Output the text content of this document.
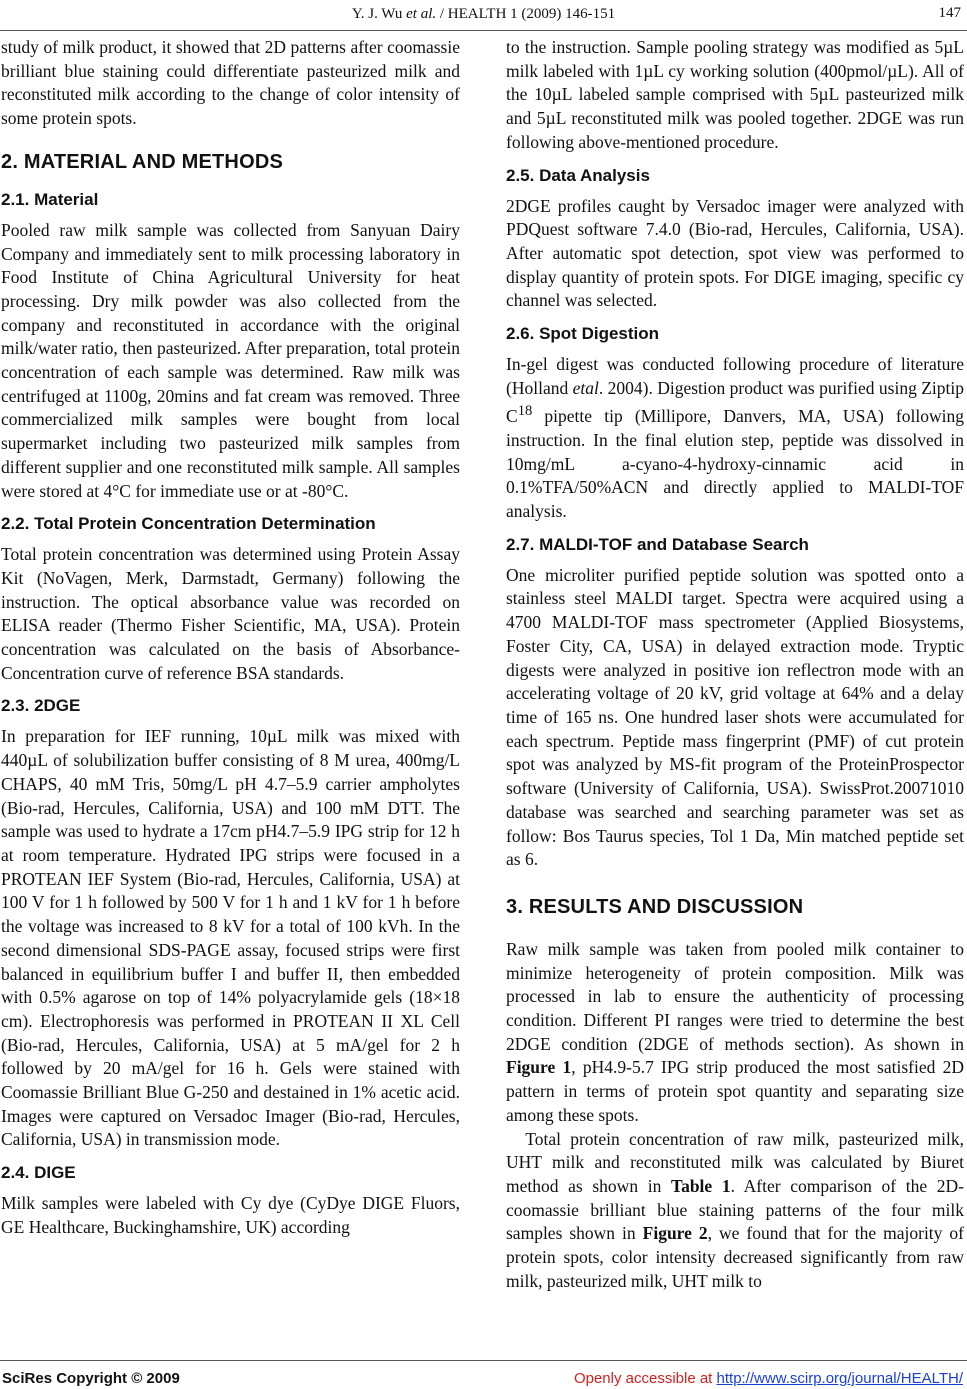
Y. J. Wu et al. / HEALTH 1 (2009) 146-151	147

study of milk product, it showed that 2D patterns after coomassie brilliant blue staining could differentiate pasteurized milk and reconstituted milk according to the change of color intensity of some protein spots.

2. MATERIAL AND METHODS
2.1. Material

Pooled raw milk sample was collected from Sanyuan Dairy Company and immediately sent to milk processing laboratory in Food Institute of China Agricultural University for heat processing. Dry milk powder was also collected from the company and reconstituted in accordance with the original milk/water ratio, then pasteurized. After preparation, total protein concentration of each sample was determined. Raw milk was centrifuged at 1100g, 20mins and fat cream was removed. Three commercialized milk samples were bought from local supermarket including two pasteurized milk samples from different supplier and one reconstituted milk sample. All samples were stored at 4°C for immediate use or at -80°C.

2.2. Total Protein Concentration Determination

Total protein concentration was determined using Protein Assay Kit (NoVagen, Merk, Darmstadt, Germany) following the instruction. The optical absorbance value was recorded on ELISA reader (Thermo Fisher Scientific, MA, USA). Protein concentration was calculated on the basis of Absorbance-Concentration curve of reference BSA standards.

2.3. 2DGE

In preparation for IEF running, 10µL milk was mixed with 440µL of solubilization buffer consisting of 8 M urea, 400mg/L CHAPS, 40 mM Tris, 50mg/L pH 4.7–5.9 carrier ampholytes (Bio-rad, Hercules, California, USA) and 100 mM DTT. The sample was used to hydrate a 17cm pH4.7–5.9 IPG strip for 12 h at room temperature. Hydrated IPG strips were focused in a PROTEAN IEF System (Bio-rad, Hercules, California, USA) at 100 V for 1 h followed by 500 V for 1 h and 1 kV for 1 h before the voltage was increased to 8 kV for a total of 100 kVh. In the second dimensional SDS-PAGE assay, focused strips were first balanced in equilibrium buffer I and buffer II, then embedded with 0.5% agarose on top of 14% polyacrylamide gels (18×18 cm). Electrophoresis was performed in PROTEAN II XL Cell (Bio-rad, Hercules, California, USA) at 5 mA/gel for 2 h followed by 20 mA/gel for 16 h. Gels were stained with Coomassie Brilliant Blue G-250 and destained in 1% acetic acid. Images were captured on Versadoc Imager (Bio-rad, Hercules, California, USA) in transmission mode.

2.4. DIGE

Milk samples were labeled with Cy dye (CyDye DIGE Fluors, GE Healthcare, Buckinghamshire, UK) according

to the instruction. Sample pooling strategy was modified as 5µL milk labeled with 1µL cy working solution (400pmol/µL). All of the 10µL labeled sample comprised with 5µL pasteurized milk and 5µL reconstituted milk was pooled together. 2DGE was run following above-mentioned procedure.

2.5. Data Analysis

2DGE profiles caught by Versadoc imager were analyzed with PDQuest software 7.4.0 (Bio-rad, Hercules, California, USA). After automatic spot detection, spot view was performed to display quantity of protein spots. For DIGE imaging, specific cy channel was selected.

2.6. Spot Digestion

In-gel digest was conducted following procedure of literature (Holland etal. 2004). Digestion product was purified using Ziptip $C^{18}$ pipette tip (Millipore, Danvers, MA, USA) following instruction. In the final elution step, peptide was dissolved in 10mg/mL a-cyano-4-hydroxy-cinnamic acid in 0.1%TFA/50%ACN and directly applied to MALDI-TOF analysis.

2.7. MALDI-TOF and Database Search

One microliter purified peptide solution was spotted onto a stainless steel MALDI target. Spectra were acquired using a 4700 MALDI-TOF mass spectrometer (Applied Biosystems, Foster City, CA, USA) in delayed extraction mode. Tryptic digests were analyzed in positive ion reflectron mode with an accelerating voltage of 20 kV, grid voltage at 64% and a delay time of 165 ns. One hundred laser shots were accumulated for each spectrum. Peptide mass fingerprint (PMF) of cut protein spot was analyzed by MS-fit program of the ProteinProspector software (University of California, USA). SwissProt.20071010 database was searched and searching parameter was set as follow: Bos Taurus species, Tol 1 Da, Min matched peptide set as 6.

3. RESULTS AND DISCUSSION

Raw milk sample was taken from pooled milk container to minimize heterogeneity of protein composition. Milk was processed in lab to ensure the authenticity of processing condition. Different PI ranges were tried to determine the best 2DGE condition (2DGE of methods section). As shown in Figure 1, pH4.9-5.7 IPG strip produced the most satisfied 2D pattern in terms of protein spot quantity and separating size among these spots.

Total protein concentration of raw milk, pasteurized milk, UHT milk and reconstituted milk was calculated by Biuret method as shown in Table 1. After comparison of the 2D-coomassie brilliant blue staining patterns of the four milk samples shown in Figure 2, we found that for the majority of protein spots, color intensity decreased significantly from raw milk, pasteurized milk, UHT milk to

SciRes Copyright © 2009	Openly accessible at http://www.scirp.org/journal/HEALTH/
